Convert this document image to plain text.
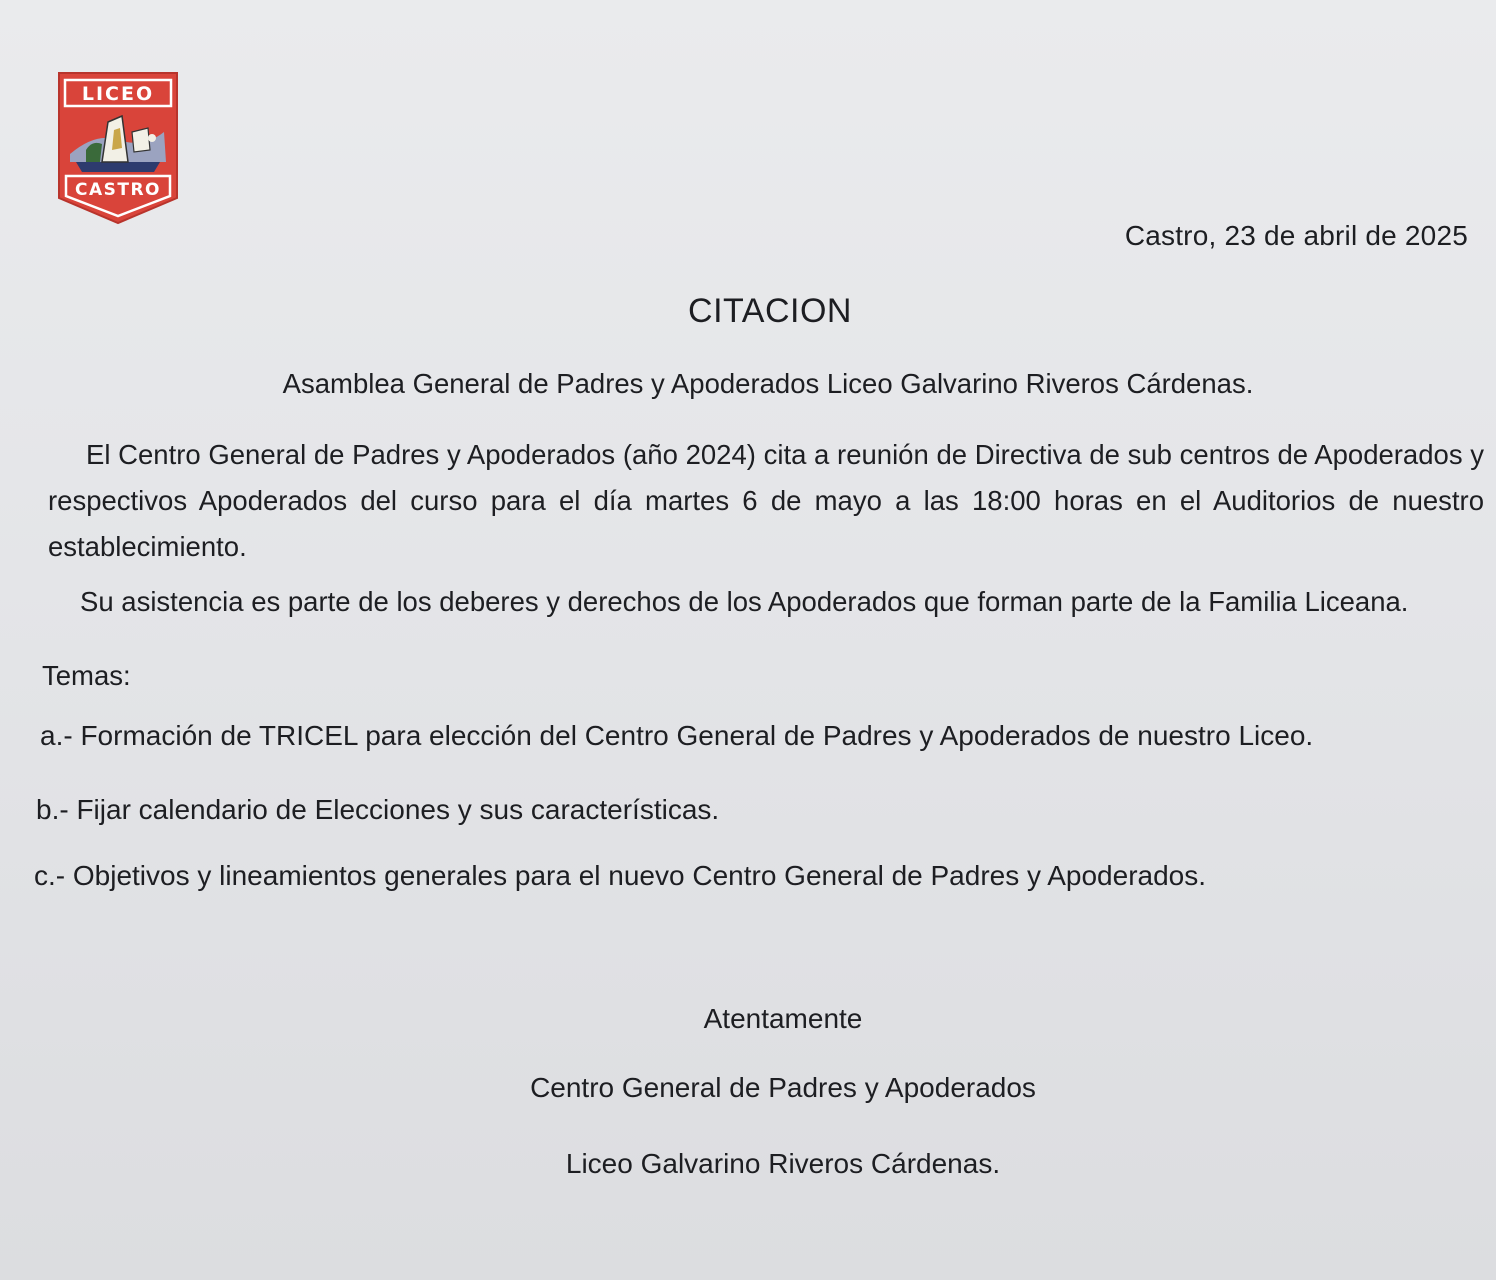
LICEO
CASTRO
Castro, 23 de abril de 2025
CITACION
Asamblea General de Padres y Apoderados Liceo Galvarino Riveros Cárdenas.
El Centro General de Padres y Apoderados (año 2024) cita a reunión de Directiva de sub centros de Apoderados y respectivos Apoderados del curso para el día martes 6 de mayo a las 18:00 horas en el Auditorios de nuestro establecimiento.
Su asistencia es parte de los deberes y derechos de los Apoderados que forman parte de la Familia Liceana.
Temas:
a.- Formación de TRICEL para elección del Centro General de Padres y Apoderados de nuestro Liceo.
b.- Fijar calendario de Elecciones y sus características.
c.- Objetivos y lineamientos generales para el nuevo Centro General de Padres y Apoderados.
Atentamente
Centro General de Padres y Apoderados
Liceo Galvarino Riveros Cárdenas.
